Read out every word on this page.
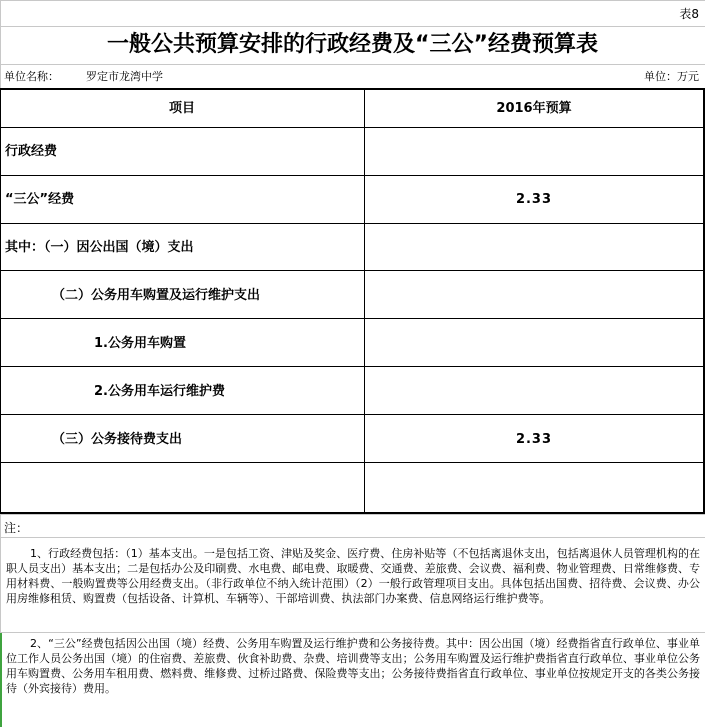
表8
一般公共预算安排的行政经费及“三公”经费预算表
单位名称： 罗定市龙湾中学	单位：万元
项目	2016年预算
行政经费
“三公”经费	2.33
其中：（一）因公出国（境）支出
（二）公务用车购置及运行维护支出
1.公务用车购置
2.公务用车运行维护费
（三）公务接待费支出	2.33
注：
1、行政经费包括：（1）基本支出。一是包括工资、津贴及奖金、医疗费、住房补贴等（不包括离退休支出，包括离退休人员管理机构的在职人员支出）基本支出；二是包括办公及印刷费、水电费、邮电费、取暖费、交通费、差旅费、会议费、福利费、物业管理费、日常维修费、专用材料费、一般购置费等公用经费支出。（非行政单位不纳入统计范围）（2）一般行政管理项目支出。具体包括出国费、招待费、会议费、办公用房维修租赁、购置费（包括设备、计算机、车辆等）、干部培训费、执法部门办案费、信息网络运行维护费等。
2、“三公”经费包括因公出国（境）经费、公务用车购置及运行维护费和公务接待费。其中：因公出国（境）经费指省直行政单位、事业单位工作人员公务出国（境）的住宿费、差旅费、伙食补助费、杂费、培训费等支出；公务用车购置及运行维护费指省直行政单位、事业单位公务用车购置费、公务用车租用费、燃料费、维修费、过桥过路费、保险费等支出；公务接待费指省直行政单位、事业单位按规定开支的各类公务接待（外宾接待）费用。
